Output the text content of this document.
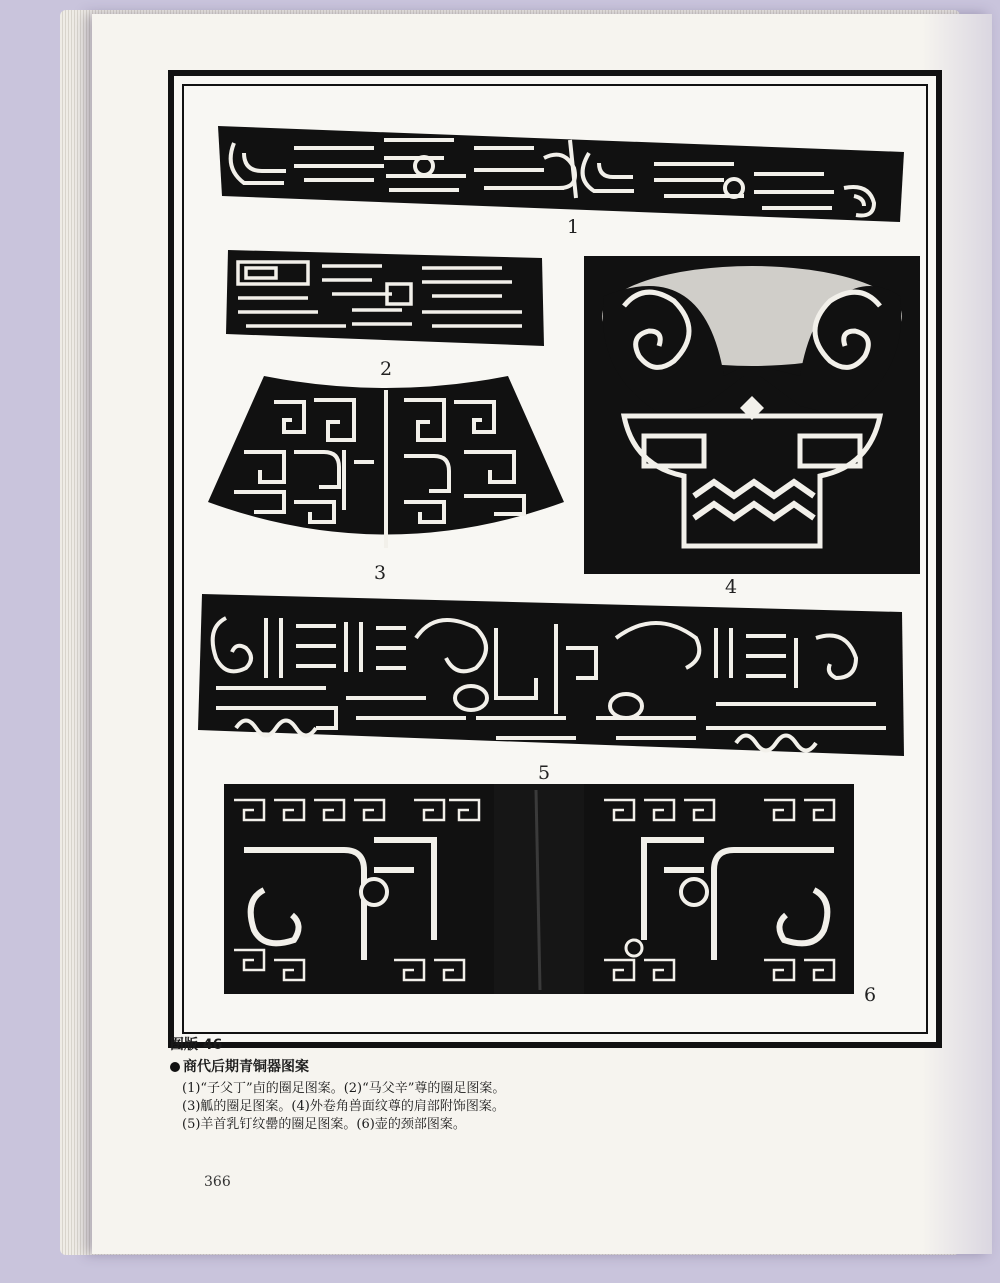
1
2
4
3
5
6

图版 46

商代后期青铜器图案

(1)“子父丁”卣的圈足图案。(2)“马父辛”尊的圈足图案。

(3)觚的圈足图案。(4)外卷角兽面纹尊的肩部附饰图案。

(5)羊首乳钉纹罍的圈足图案。(6)壶的颈部图案。

366
